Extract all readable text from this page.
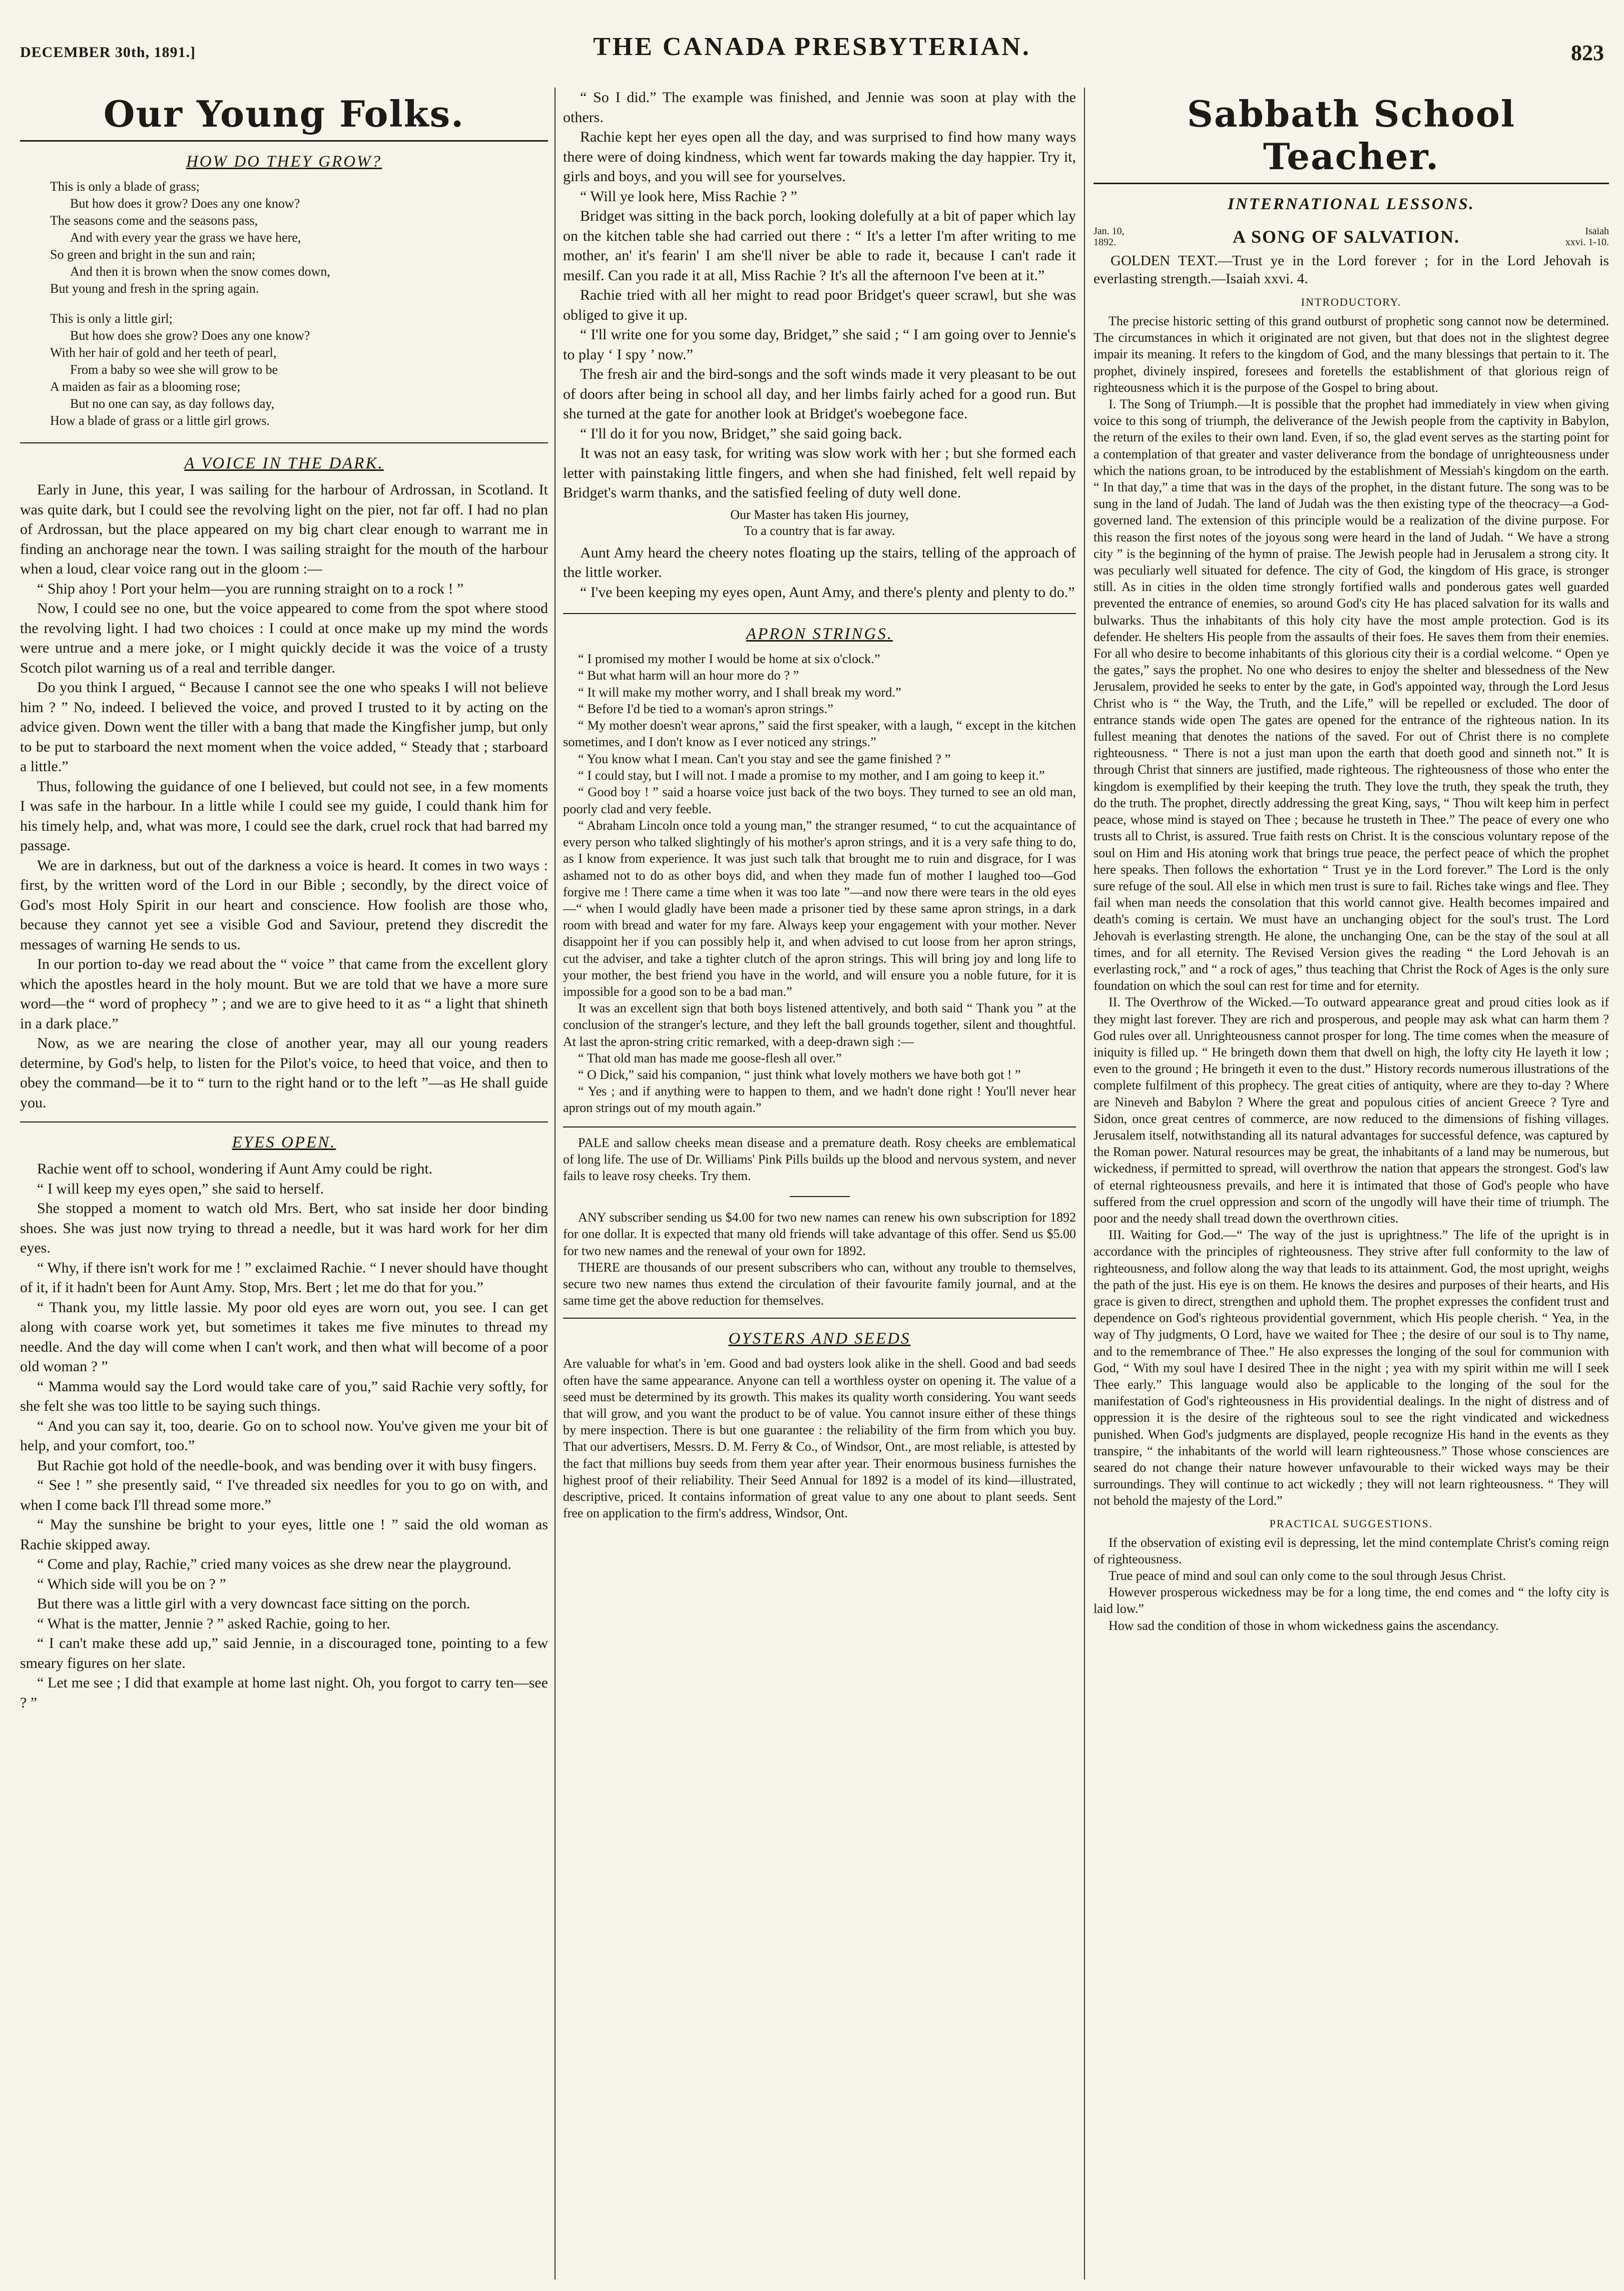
DECEMBER 30th, 1891.]	THE CANADA PRESBYTERIAN.	823
Our Young Folks.
HOW DO THEY GROW?
This is only a blade of grass;
But how does it grow? Does any one know?
The seasons come and the seasons pass,
And with every year the grass we have here,
So green and bright in the sun and rain;
And then it is brown when the snow comes down,
But young and fresh in the spring again.
This is only a little girl;
But how does she grow? Does any one know?
With her hair of gold and her teeth of pearl,
From a baby so wee she will grow to be
A maiden as fair as a blooming rose;
But no one can say, as day follows day,
How a blade of grass or a little girl grows.
A VOICE IN THE DARK.

Early in June, this year, I was sailing for the harbour of Ardrossan, in Scotland. It was quite dark, but I could see the revolving light on the pier, not far off. I had no plan of Ardrossan, but the place appeared on my big chart clear enough to warrant me in finding an anchorage near the town. I was sailing straight for the mouth of the harbour when a loud, clear voice rang out in the gloom :—

“ Ship ahoy ! Port your helm—you are running straight on to a rock ! ”

Now, I could see no one, but the voice appeared to come from the spot where stood the revolving light. I had two choices : I could at once make up my mind the words were untrue and a mere joke, or I might quickly decide it was the voice of a trusty Scotch pilot warning us of a real and terrible danger.

Do you think I argued, “ Because I cannot see the one who speaks I will not believe him ? ” No, indeed. I believed the voice, and proved I trusted to it by acting on the advice given. Down went the tiller with a bang that made the Kingfisher jump, but only to be put to starboard the next moment when the voice added, “ Steady that ; starboard a little.”

Thus, following the guidance of one I believed, but could not see, in a few moments I was safe in the harbour. In a little while I could see my guide, I could thank him for his timely help, and, what was more, I could see the dark, cruel rock that had barred my passage.

We are in darkness, but out of the darkness a voice is heard. It comes in two ways : first, by the written word of the Lord in our Bible ; secondly, by the direct voice of God's most Holy Spirit in our heart and conscience. How foolish are those who, because they cannot yet see a visible God and Saviour, pretend they discredit the messages of warning He sends to us.

In our portion to-day we read about the “ voice ” that came from the excellent glory which the apostles heard in the holy mount. But we are told that we have a more sure word—the “ word of prophecy ” ; and we are to give heed to it as “ a light that shineth in a dark place.”

Now, as we are nearing the close of another year, may all our young readers determine, by God's help, to listen for the Pilot's voice, to heed that voice, and then to obey the command—be it to “ turn to the right hand or to the left ”—as He shall guide you.

EYES OPEN.

Rachie went off to school, wondering if Aunt Amy could be right.

“ I will keep my eyes open,” she said to herself.

She stopped a moment to watch old Mrs. Bert, who sat inside her door binding shoes. She was just now trying to thread a needle, but it was hard work for her dim eyes.

“ Why, if there isn't work for me ! ” exclaimed Rachie. “ I never should have thought of it, if it hadn't been for Aunt Amy. Stop, Mrs. Bert ; let me do that for you.”

“ Thank you, my little lassie. My poor old eyes are worn out, you see. I can get along with coarse work yet, but sometimes it takes me five minutes to thread my needle. And the day will come when I can't work, and then what will become of a poor old woman ? ”

“ Mamma would say the Lord would take care of you,” said Rachie very softly, for she felt she was too little to be saying such things.

“ And you can say it, too, dearie. Go on to school now. You've given me your bit of help, and your comfort, too.”

But Rachie got hold of the needle-book, and was bending over it with busy fingers.

“ See ! ” she presently said, “ I've threaded six needles for you to go on with, and when I come back I'll thread some more.”

“ May the sunshine be bright to your eyes, little one ! ” said the old woman as Rachie skipped away.

“ Come and play, Rachie,” cried many voices as she drew near the playground.

“ Which side will you be on ? ”

But there was a little girl with a very downcast face sitting on the porch.

“ What is the matter, Jennie ? ” asked Rachie, going to her.

“ I can't make these add up,” said Jennie, in a discouraged tone, pointing to a few smeary figures on her slate.

“ Let me see ; I did that example at home last night. Oh, you forgot to carry ten—see ? ”

“ So I did.” The example was finished, and Jennie was soon at play with the others.

Rachie kept her eyes open all the day, and was surprised to find how many ways there were of doing kindness, which went far towards making the day happier. Try it, girls and boys, and you will see for yourselves.

“ Will ye look here, Miss Rachie ? ”

Bridget was sitting in the back porch, looking dolefully at a bit of paper which lay on the kitchen table she had carried out there : “ It's a letter I'm after writing to me mother, an' it's fearin' I am she'll niver be able to rade it, because I can't rade it mesilf. Can you rade it at all, Miss Rachie ? It's all the afternoon I've been at it.”

Rachie tried with all her might to read poor Bridget's queer scrawl, but she was obliged to give it up.

“ I'll write one for you some day, Bridget,” she said ; “ I am going over to Jennie's to play ‘ I spy ’ now.”

The fresh air and the bird-songs and the soft winds made it very pleasant to be out of doors after being in school all day, and her limbs fairly ached for a good run. But she turned at the gate for another look at Bridget's woebegone face.

“ I'll do it for you now, Bridget,” she said going back.

It was not an easy task, for writing was slow work with her ; but she formed each letter with painstaking little fingers, and when she had finished, felt well repaid by Bridget's warm thanks, and the satisfied feeling of duty well done.

Our Master has taken His journey,
To a country that is far away.

Aunt Amy heard the cheery notes floating up the stairs, telling of the approach of the little worker.

“ I've been keeping my eyes open, Aunt Amy, and there's plenty and plenty to do.”

APRON STRINGS.

“ I promised my mother I would be home at six o'clock.”

“ But what harm will an hour more do ? ”

“ It will make my mother worry, and I shall break my word.”

“ Before I'd be tied to a woman's apron strings.”

“ My mother doesn't wear aprons,” said the first speaker, with a laugh, “ except in the kitchen sometimes, and I don't know as I ever noticed any strings.”

“ You know what I mean. Can't you stay and see the game finished ? ”

“ I could stay, but I will not. I made a promise to my mother, and I am going to keep it.”

“ Good boy ! ” said a hoarse voice just back of the two boys. They turned to see an old man, poorly clad and very feeble.

“ Abraham Lincoln once told a young man,” the stranger resumed, “ to cut the acquaintance of every person who talked slightingly of his mother's apron strings, and it is a very safe thing to do, as I know from experience. It was just such talk that brought me to ruin and disgrace, for I was ashamed not to do as other boys did, and when they made fun of mother I laughed too—God forgive me ! There came a time when it was too late ”—and now there were tears in the old eyes—“ when I would gladly have been made a prisoner tied by these same apron strings, in a dark room with bread and water for my fare. Always keep your engagement with your mother. Never disappoint her if you can possibly help it, and when advised to cut loose from her apron strings, cut the adviser, and take a tighter clutch of the apron strings. This will bring joy and long life to your mother, the best friend you have in the world, and will ensure you a noble future, for it is impossible for a good son to be a bad man.”

It was an excellent sign that both boys listened attentively, and both said “ Thank you ” at the conclusion of the stranger's lecture, and they left the ball grounds together, silent and thoughtful. At last the apron-string critic remarked, with a deep-drawn sigh :—

“ That old man has made me goose-flesh all over.”

“ O Dick,” said his companion, “ just think what lovely mothers we have both got ! ”

“ Yes ; and if anything were to happen to them, and we hadn't done right ! You'll never hear apron strings out of my mouth again.”

PALE and sallow cheeks mean disease and a premature death. Rosy cheeks are emblematical of long life. The use of Dr. Williams' Pink Pills builds up the blood and nervous system, and never fails to leave rosy cheeks. Try them.

ANY subscriber sending us $4.00 for two new names can renew his own subscription for 1892 for one dollar. It is expected that many old friends will take advantage of this offer. Send us $5.00 for two new names and the renewal of your own for 1892.

THERE are thousands of our present subscribers who can, without any trouble to themselves, secure two new names thus extend the circulation of their favourite family journal, and at the same time get the above reduction for themselves.

OYSTERS AND SEEDS

Are valuable for what's in 'em. Good and bad oysters look alike in the shell. Good and bad seeds often have the same appearance. Anyone can tell a worthless oyster on opening it. The value of a seed must be determined by its growth. This makes its quality worth considering. You want seeds that will grow, and you want the product to be of value. You cannot insure either of these things by mere inspection. There is but one guarantee : the reliability of the firm from which you buy. That our advertisers, Messrs. D. M. Ferry & Co., of Windsor, Ont., are most reliable, is attested by the fact that millions buy seeds from them year after year. Their enormous business furnishes the highest proof of their reliability. Their Seed Annual for 1892 is a model of its kind—illustrated, descriptive, priced. It contains information of great value to any one about to plant seeds. Sent free on application to the firm's address, Windsor, Ont.

Sabbath School Teacher.
INTERNATIONAL LESSONS.
Jan. 10, 1892.	A SONG OF SALVATION.	Isaiah xxvi. 1-10.

GOLDEN TEXT.—Trust ye in the Lord forever ; for in the Lord Jehovah is everlasting strength.—Isaiah xxvi. 4.

INTRODUCTORY.

The precise historic setting of this grand outburst of prophetic song cannot now be determined. The circumstances in which it originated are not given, but that does not in the slightest degree impair its meaning. It refers to the kingdom of God, and the many blessings that pertain to it. The prophet, divinely inspired, foresees and foretells the establishment of that glorious reign of righteousness which it is the purpose of the Gospel to bring about.

I. The Song of Triumph.—It is possible that the prophet had immediately in view when giving voice to this song of triumph, the deliverance of the Jewish people from the captivity in Babylon, the return of the exiles to their own land. Even, if so, the glad event serves as the starting point for a contemplation of that greater and vaster deliverance from the bondage of unrighteousness under which the nations groan, to be introduced by the establishment of Messiah's kingdom on the earth. “ In that day,” a time that was in the days of the prophet, in the distant future. The song was to be sung in the land of Judah. The land of Judah was the then existing type of the theocracy—a God-governed land. The extension of this principle would be a realization of the divine purpose. For this reason the first notes of the joyous song were heard in the land of Judah. “ We have a strong city ” is the beginning of the hymn of praise. The Jewish people had in Jerusalem a strong city. It was peculiarly well situated for defence. The city of God, the kingdom of His grace, is stronger still. As in cities in the olden time strongly fortified walls and ponderous gates well guarded prevented the entrance of enemies, so around God's city He has placed salvation for its walls and bulwarks. Thus the inhabitants of this holy city have the most ample protection. God is its defender. He shelters His people from the assaults of their foes. He saves them from their enemies. For all who desire to become inhabitants of this glorious city their is a cordial welcome. “ Open ye the gates,” says the prophet. No one who desires to enjoy the shelter and blessedness of the New Jerusalem, provided he seeks to enter by the gate, in God's appointed way, through the Lord Jesus Christ who is “ the Way, the Truth, and the Life,” will be repelled or excluded. The door of entrance stands wide open The gates are opened for the entrance of the righteous nation. In its fullest meaning that denotes the nations of the saved. For out of Christ there is no complete righteousness. “ There is not a just man upon the earth that doeth good and sinneth not.” It is through Christ that sinners are justified, made righteous. The righteousness of those who enter the kingdom is exemplified by their keeping the truth. They love the truth, they speak the truth, they do the truth. The prophet, directly addressing the great King, says, “ Thou wilt keep him in perfect peace, whose mind is stayed on Thee ; because he trusteth in Thee.” The peace of every one who trusts all to Christ, is assured. True faith rests on Christ. It is the conscious voluntary repose of the soul on Him and His atoning work that brings true peace, the perfect peace of which the prophet here speaks. Then follows the exhortation “ Trust ye in the Lord forever.” The Lord is the only sure refuge of the soul. All else in which men trust is sure to fail. Riches take wings and flee. They fail when man needs the consolation that this world cannot give. Health becomes impaired and death's coming is certain. We must have an unchanging object for the soul's trust. The Lord Jehovah is everlasting strength. He alone, the unchanging One, can be the stay of the soul at all times, and for all eternity. The Revised Version gives the reading “ the Lord Jehovah is an everlasting rock,” and “ a rock of ages,” thus teaching that Christ the Rock of Ages is the only sure foundation on which the soul can rest for time and for eternity.

II. The Overthrow of the Wicked.—To outward appearance great and proud cities look as if they might last forever. They are rich and prosperous, and people may ask what can harm them ? God rules over all. Unrighteousness cannot prosper for long. The time comes when the measure of iniquity is filled up. “ He bringeth down them that dwell on high, the lofty city He layeth it low ; even to the ground ; He bringeth it even to the dust.” History records numerous illustrations of the complete fulfilment of this prophecy. The great cities of antiquity, where are they to-day ? Where are Nineveh and Babylon ? Where the great and populous cities of ancient Greece ? Tyre and Sidon, once great centres of commerce, are now reduced to the dimensions of fishing villages. Jerusalem itself, notwithstanding all its natural advantages for successful defence, was captured by the Roman power. Natural resources may be great, the inhabitants of a land may be numerous, but wickedness, if permitted to spread, will overthrow the nation that appears the strongest. God's law of eternal righteousness prevails, and here it is intimated that those of God's people who have suffered from the cruel oppression and scorn of the ungodly will have their time of triumph. The poor and the needy shall tread down the overthrown cities.

III. Waiting for God.—“ The way of the just is uprightness.” The life of the upright is in accordance with the principles of righteousness. They strive after full conformity to the law of righteousness, and follow along the way that leads to its attainment. God, the most upright, weighs the path of the just. His eye is on them. He knows the desires and purposes of their hearts, and His grace is given to direct, strengthen and uphold them. The prophet expresses the confident trust and dependence on God's righteous providential government, which His people cherish. “ Yea, in the way of Thy judgments, O Lord, have we waited for Thee ; the desire of our soul is to Thy name, and to the remembrance of Thee.” He also expresses the longing of the soul for communion with God, “ With my soul have I desired Thee in the night ; yea with my spirit within me will I seek Thee early.” This language would also be applicable to the longing of the soul for the manifestation of God's righteousness in His providential dealings. In the night of distress and of oppression it is the desire of the righteous soul to see the right vindicated and wickedness punished. When God's judgments are displayed, people recognize His hand in the events as they transpire, “ the inhabitants of the world will learn righteousness.” Those whose consciences are seared do not change their nature however unfavourable to their wicked ways may be their surroundings. They will continue to act wickedly ; they will not learn righteousness. “ They will not behold the majesty of the Lord.”

PRACTICAL SUGGESTIONS.

If the observation of existing evil is depressing, let the mind contemplate Christ's coming reign of righteousness.

True peace of mind and soul can only come to the soul through Jesus Christ.

However prosperous wickedness may be for a long time, the end comes and “ the lofty city is laid low.”

How sad the condition of those in whom wickedness gains the ascendancy.
